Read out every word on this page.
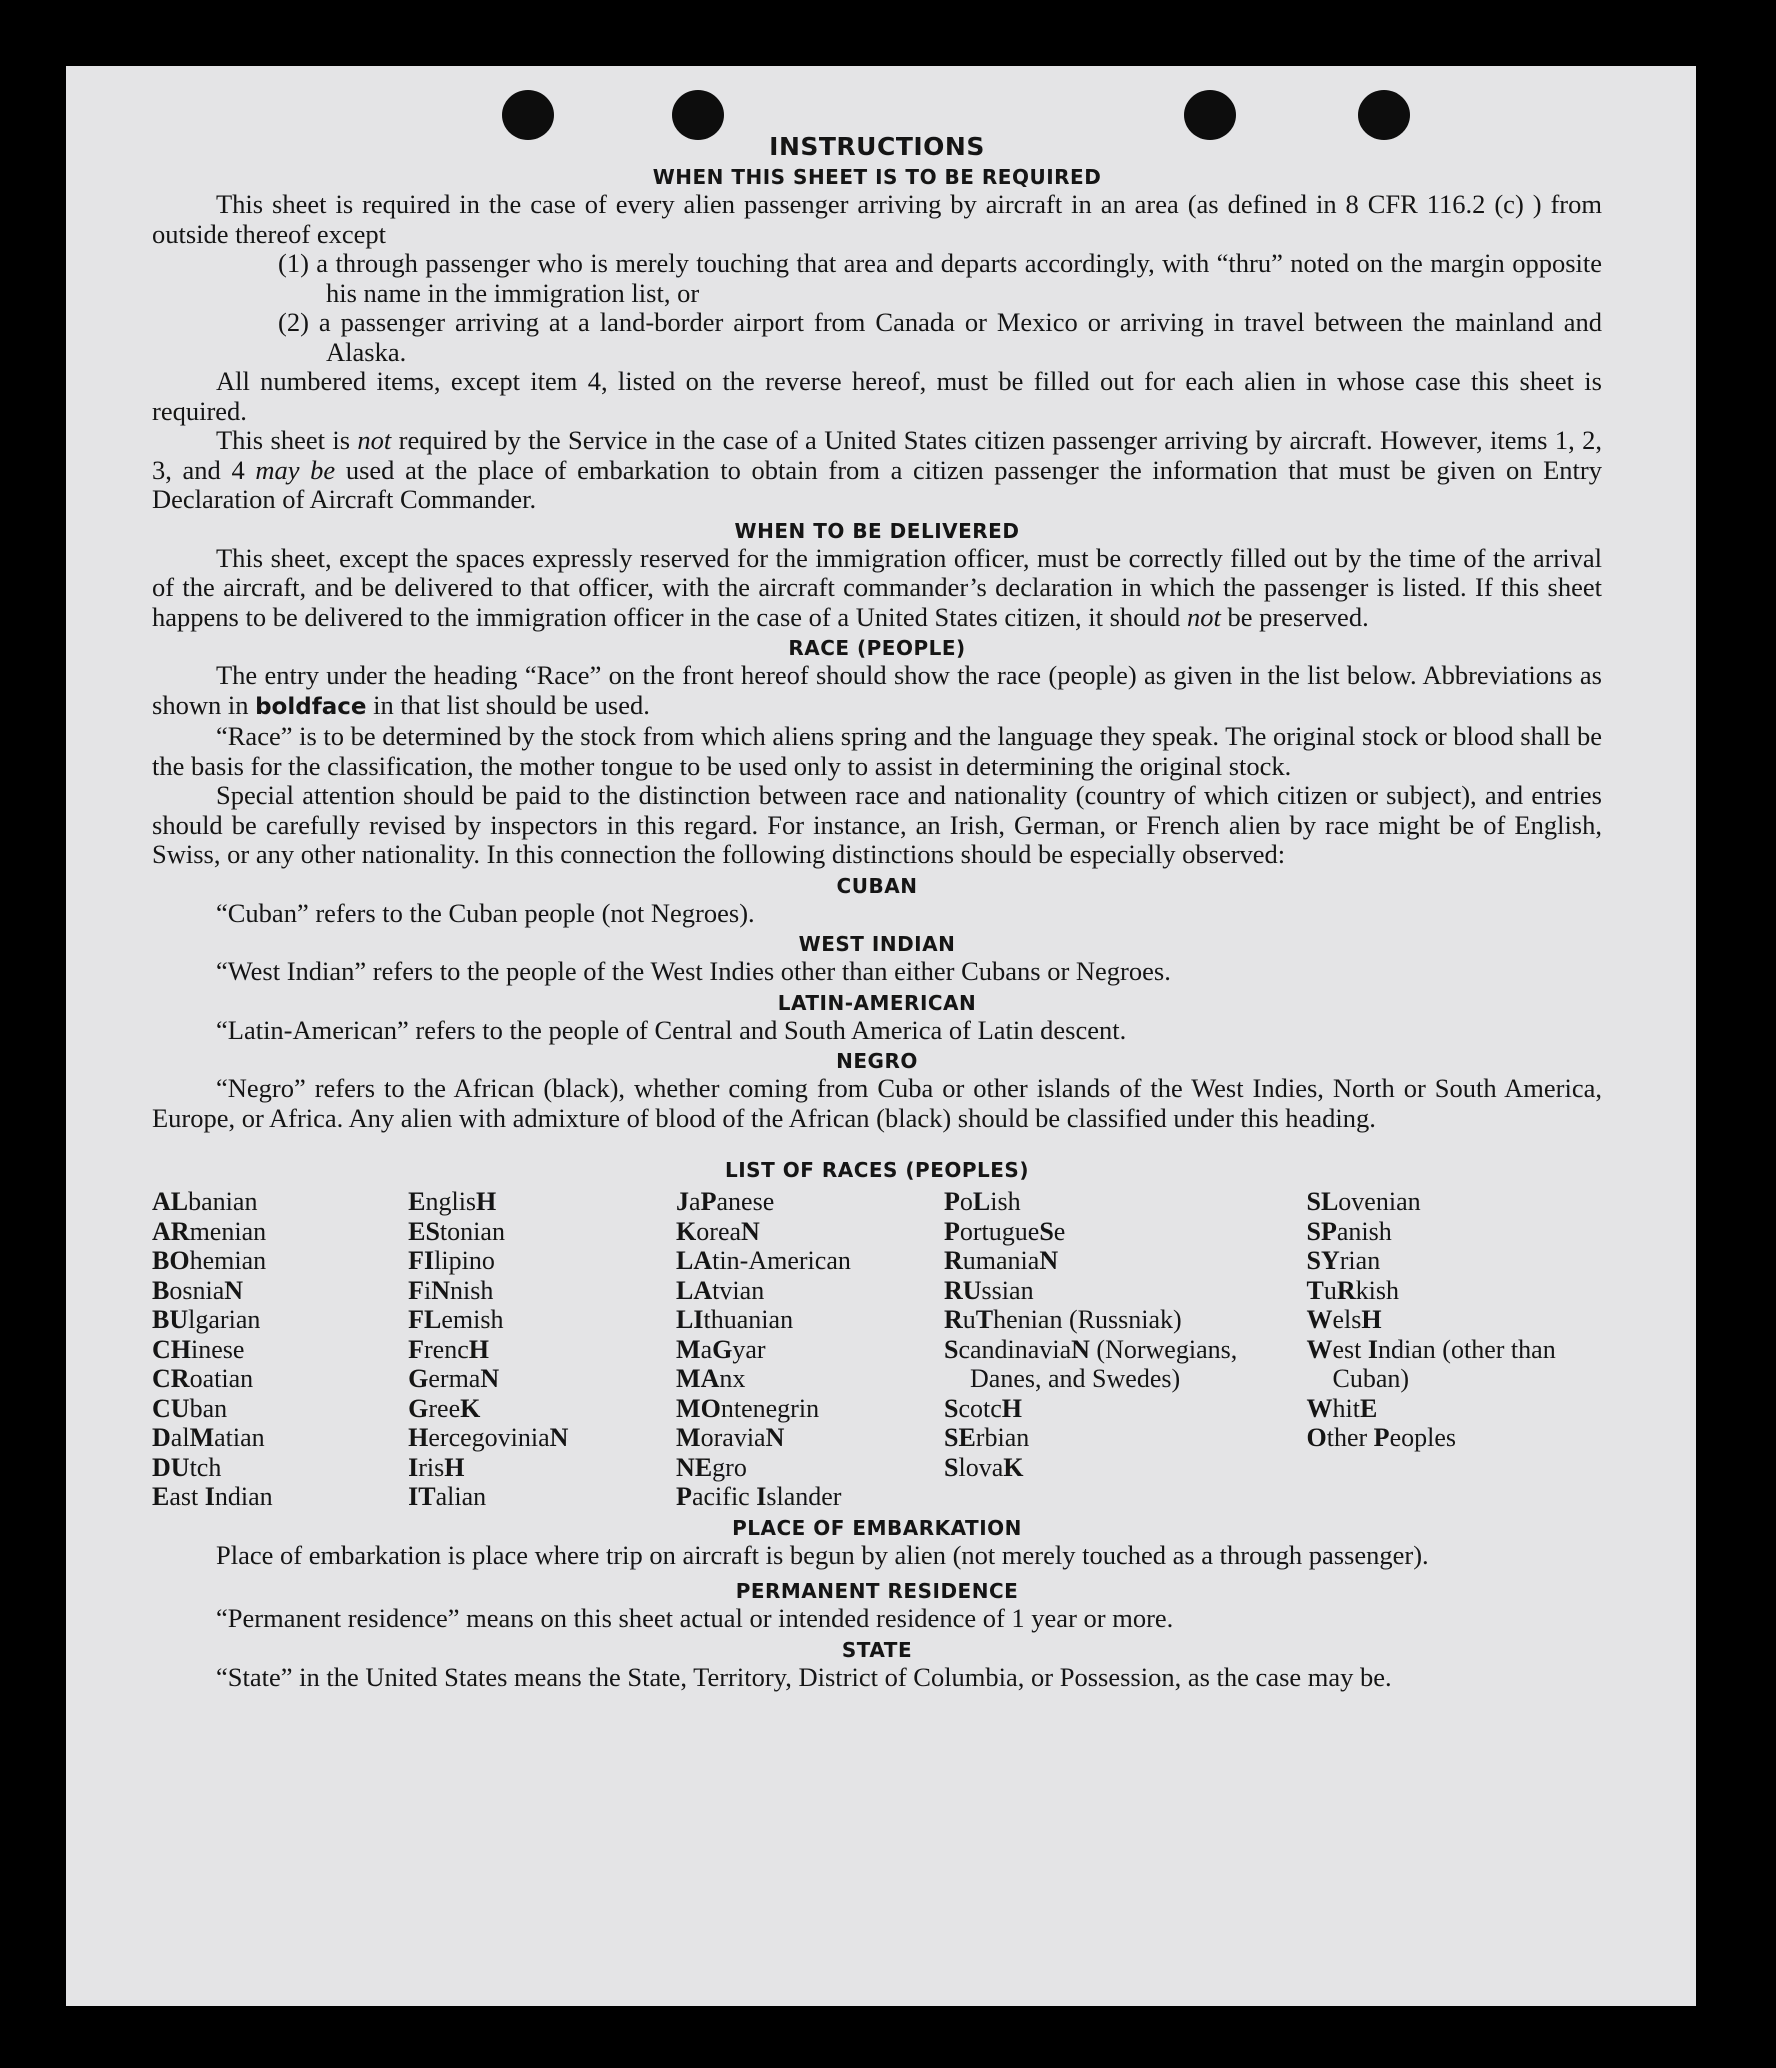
INSTRUCTIONS
WHEN THIS SHEET IS TO BE REQUIRED

This sheet is required in the case of every alien passenger arriving by aircraft in an area (as defined in 8 CFR 116.2 (c) ) from outside thereof except

(1) a through passenger who is merely touching that area and departs accordingly, with “thru” noted on the margin opposite his name in the immigration list, or

(2) a passenger arriving at a land-border airport from Canada or Mexico or arriving in travel between the mainland and Alaska.

All numbered items, except item 4, listed on the reverse hereof, must be filled out for each alien in whose case this sheet is required.

This sheet is not required by the Service in the case of a United States citizen passenger arriving by aircraft. However, items 1, 2, 3, and 4 may be used at the place of embarkation to obtain from a citizen passenger the information that must be given on Entry Declaration of Aircraft Commander.

WHEN TO BE DELIVERED

This sheet, except the spaces expressly reserved for the immigration officer, must be correctly filled out by the time of the arrival of the aircraft, and be delivered to that officer, with the aircraft commander’s declaration in which the passenger is listed. If this sheet happens to be delivered to the immigration officer in the case of a United States citizen, it should not be preserved.

RACE (PEOPLE)

The entry under the heading “Race” on the front hereof should show the race (people) as given in the list below. Abbreviations as shown in boldface in that list should be used.

“Race” is to be determined by the stock from which aliens spring and the language they speak. The original stock or blood shall be the basis for the classification, the mother tongue to be used only to assist in determining the original stock.

Special attention should be paid to the distinction between race and nationality (country of which citizen or subject), and entries should be carefully revised by inspectors in this regard. For instance, an Irish, German, or French alien by race might be of English, Swiss, or any other nationality. In this connection the following distinctions should be especially observed:

CUBAN

“Cuban” refers to the Cuban people (not Negroes).

WEST INDIAN

“West Indian” refers to the people of the West Indies other than either Cubans or Negroes.

LATIN-AMERICAN

“Latin-American” refers to the people of Central and South America of Latin descent.

NEGRO

“Negro” refers to the African (black), whether coming from Cuba or other islands of the West Indies, North or South America, Europe, or Africa. Any alien with admixture of blood of the African (black) should be classified under this heading.

LIST OF RACES (PEOPLES)
ALbanian
ARmenian
BOhemian
BosniaN
BUlgarian
CHinese
CRoatian
CUban
DalMatian
DUtch
East Indian
EnglisH
EStonian
FIlipino
FiNnish
FLemish
FrencH
GermaN
GreeK
HercegoviniaN
IrisH
ITalian
JaPanese
KoreaN
LAtin-American
LAtvian
LIthuanian
MaGyar
MAnx
MOntenegrin
MoraviaN
NEgro
Pacific Islander
PoLish
PortugueSe
RumaniaN
RUssian
RuThenian (Russniak)
ScandinaviaN (Norwegians, Danes, and Swedes)
ScotcH
SErbian
SlovaK
SLovenian
SPanish
SYrian
TuRkish
WelsH
West Indian (other than Cuban)
WhitE
Other Peoples
PLACE OF EMBARKATION

Place of embarkation is place where trip on aircraft is begun by alien (not merely touched as a through passenger).

PERMANENT RESIDENCE

“Permanent residence” means on this sheet actual or intended residence of 1 year or more.

STATE

“State” in the United States means the State, Territory, District of Columbia, or Possession, as the case may be.
